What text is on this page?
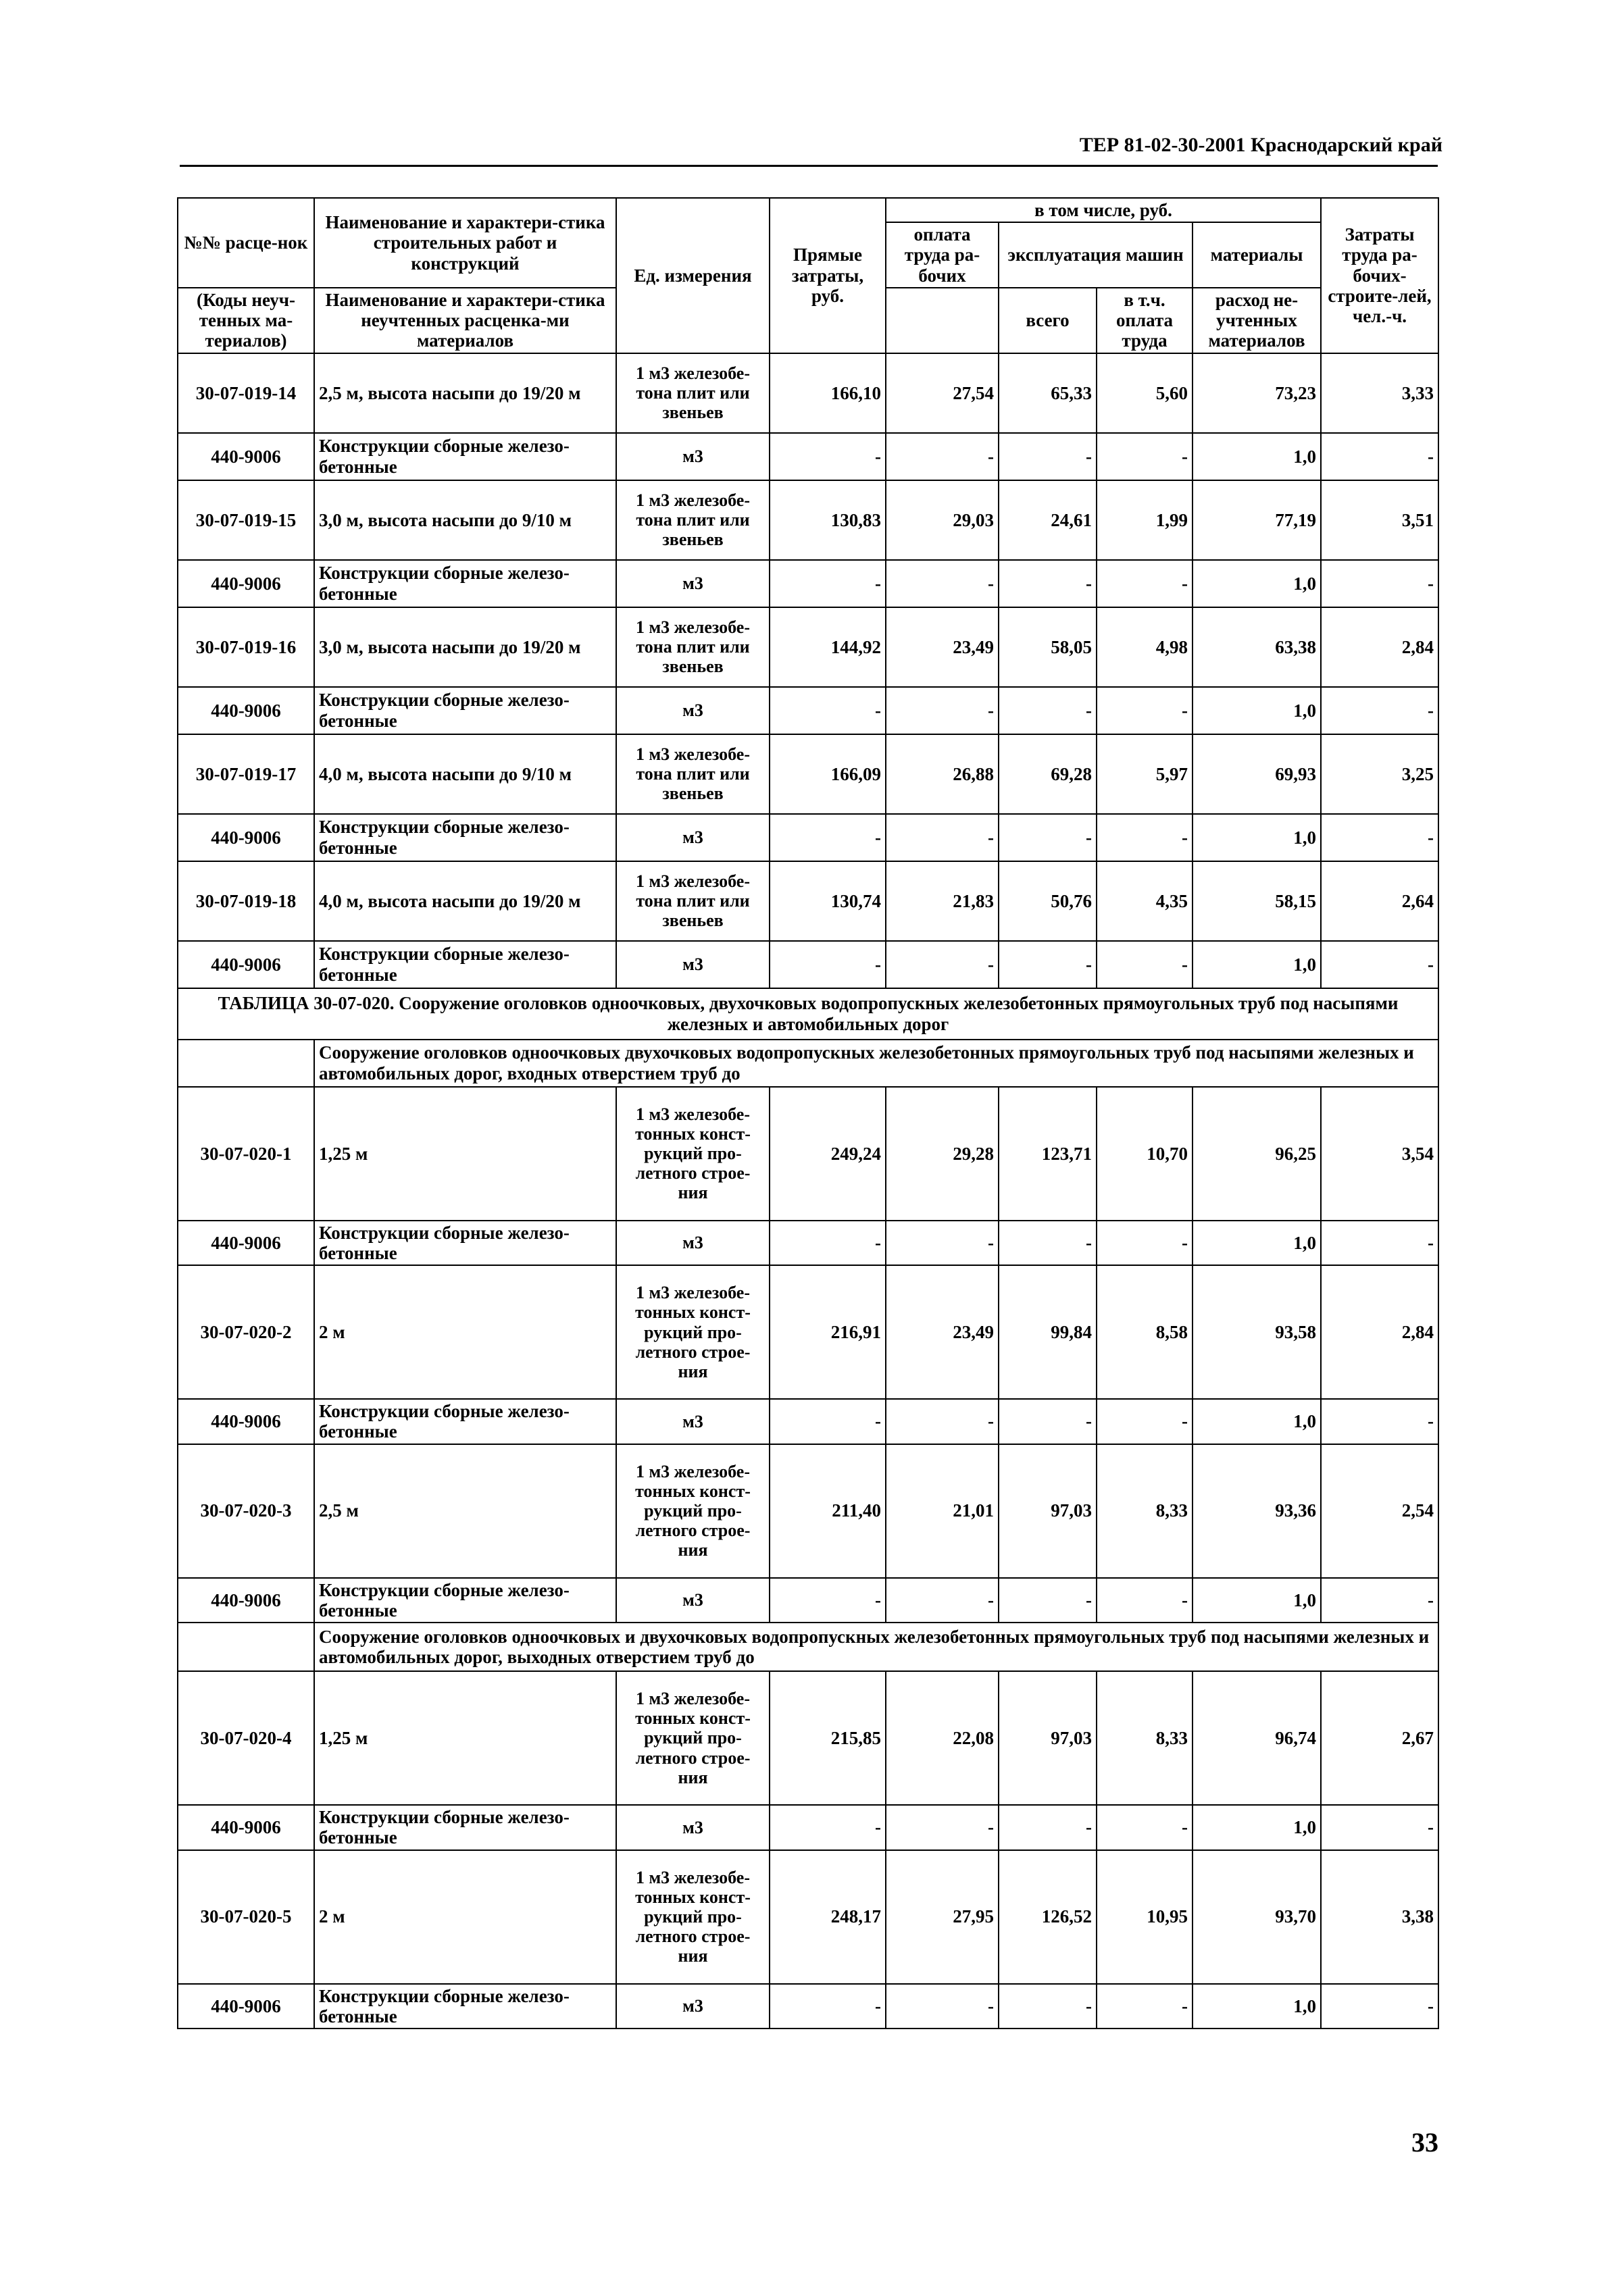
ТЕР 81-02-30-2001 Краснодарский край
№№ расце-нок	Наименование и характери-стика строительных работ и конструкций	Ед. измерения	Прямые затраты, руб.	в том числе, руб.				Затраты труда ра-бочих-строите-лей, чел.-ч.
				оплата труда ра-бочих	эксплуатация машин		материалы	

(Коды неуч-тенных ма-териалов)	Наименование и характери-стика неучтенных расценка-ми материалов				всего	в т.ч. оплата труда	расход не-учтенных материалов	

30-07-019-14	2,5 м, высота насыпи до 19/20 м	1 м3 железобе-тона плит или звеньев	166,10	27,54	65,33	5,60	73,23	3,33
440-9006	Конструкции сборные железо-бетонные	м3	-	-	-	-	1,0	-
30-07-019-15	3,0 м, высота насыпи до 9/10 м	1 м3 железобе-тона плит или звеньев	130,83	29,03	24,61	1,99	77,19	3,51
440-9006	Конструкции сборные железо-бетонные	м3	-	-	-	-	1,0	-
30-07-019-16	3,0 м, высота насыпи до 19/20 м	1 м3 железобе-тона плит или звеньев	144,92	23,49	58,05	4,98	63,38	2,84
440-9006	Конструкции сборные железо-бетонные	м3	-	-	-	-	1,0	-
30-07-019-17	4,0 м, высота насыпи до 9/10 м	1 м3 железобе-тона плит или звеньев	166,09	26,88	69,28	5,97	69,93	3,25
440-9006	Конструкции сборные железо-бетонные	м3	-	-	-	-	1,0	-
30-07-019-18	4,0 м, высота насыпи до 19/20 м	1 м3 железобе-тона плит или звеньев	130,74	21,83	50,76	4,35	58,15	2,64
440-9006	Конструкции сборные железо-бетонные	м3	-	-	-	-	1,0	-
ТАБЛИЦА 30-07-020. Сооружение оголовков одноочковых, двухочковых водопропускных железобетонных прямоугольных труб под насыпями железных и автомобильных дорог								
	Сооружение оголовков одноочковых двухочковых водопропускных железобетонных прямоугольных труб под насыпями железных и автомобильных дорог, входных отверстием труб до							
30-07-020-1	1,25 м	1 м3 железобе-тонных конст-рукций про-летного строе-ния	249,24	29,28	123,71	10,70	96,25	3,54
440-9006	Конструкции сборные железо-бетонные	м3	-	-	-	-	1,0	-
30-07-020-2	2 м	1 м3 железобе-тонных конст-рукций про-летного строе-ния	216,91	23,49	99,84	8,58	93,58	2,84
440-9006	Конструкции сборные железо-бетонные	м3	-	-	-	-	1,0	-
30-07-020-3	2,5 м	1 м3 железобе-тонных конст-рукций про-летного строе-ния	211,40	21,01	97,03	8,33	93,36	2,54
440-9006	Конструкции сборные железо-бетонные	м3	-	-	-	-	1,0	-
	Сооружение оголовков одноочковых и двухочковых водопропускных железобетонных прямоугольных труб под насыпями железных и автомобильных дорог, выходных отверстием труб до							
30-07-020-4	1,25 м	1 м3 железобе-тонных конст-рукций про-летного строе-ния	215,85	22,08	97,03	8,33	96,74	2,67
440-9006	Конструкции сборные железо-бетонные	м3	-	-	-	-	1,0	-
30-07-020-5	2 м	1 м3 железобе-тонных конст-рукций про-летного строе-ния	248,17	27,95	126,52	10,95	93,70	3,38
440-9006	Конструкции сборные железо-бетонные	м3	-	-	-	-	1,0	-
33
